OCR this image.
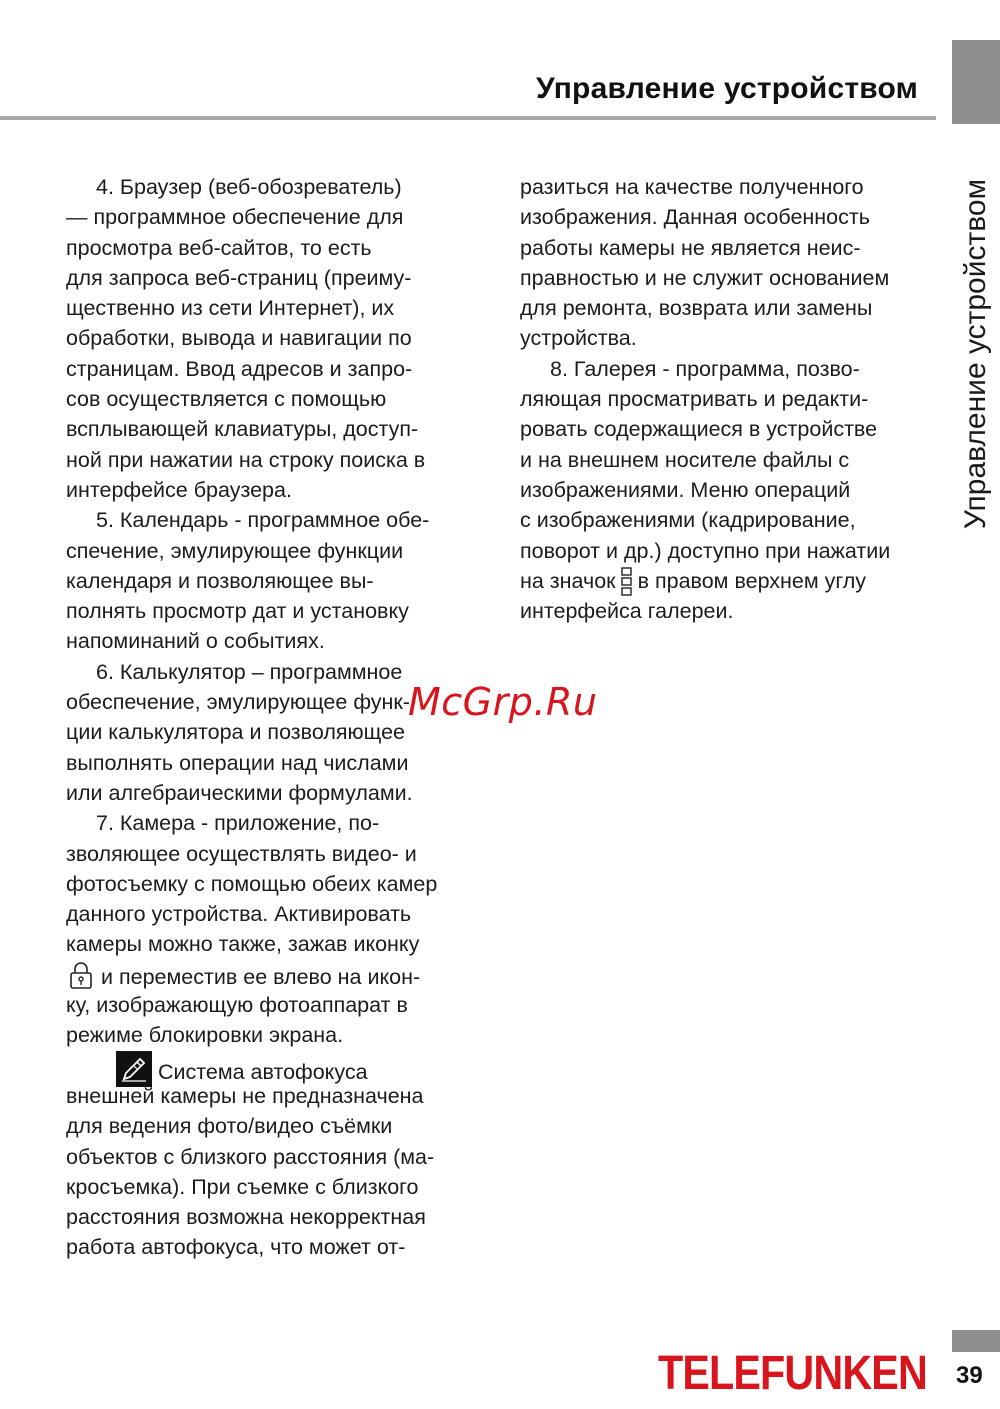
Управление устройством
Управление устройством
4. Браузер (веб-обозреватель)
— программное обеспечение для
просмотра веб-сайтов, то есть
для запроса веб-страниц (преиму-
щественно из сети Интернет), их
обработки, вывода и навигации по
страницам. Ввод адресов и запро-
сов осуществляется с помощью
всплывающей клавиатуры, доступ-
ной при нажатии на строку поиска в
интерфейсе браузера.
5. Календарь - программное обе-
спечение, эмулирующее функции
календаря и позволяющее вы-
полнять просмотр дат и установку
напоминаний о событиях.
6. Калькулятор – программное
обеспечение, эмулирующее функ-
ции калькулятора и позволяющее
выполнять операции над числами
или алгебраическими формулами.
7. Камера - приложение, по-
зволяющее осуществлять видео- и
фотосъемку с помощью обеих камер
данного устройства. Активировать
камеры можно также, зажав иконку
и переместив ее влево на икон-
ку, изображающую фотоаппарат в
режиме блокировки экрана.
Система автофокуса
внешней камеры не предназначена
для ведения фото/видео съёмки
объектов с близкого расстояния (ма-
кросъемка). При съемке с близкого
расстояния возможна некорректная
работа автофокуса, что может от-
разиться на качестве полученного
изображения. Данная особенность
работы камеры не является неис-
правностью и не служит основанием
для ремонта, возврата или замены
устройства.
8. Галерея - программа, позво-
ляющая просматривать и редакти-
ровать содержащиеся в устройстве
и на внешнем носителе файлы с
изображениями. Меню операций
с изображениями (кадрирование,
поворот и др.) доступно при нажатии
на значок в правом верхнем углу
интерфейса галереи.
McGrp.Ru
TELEFUNKEN 39
